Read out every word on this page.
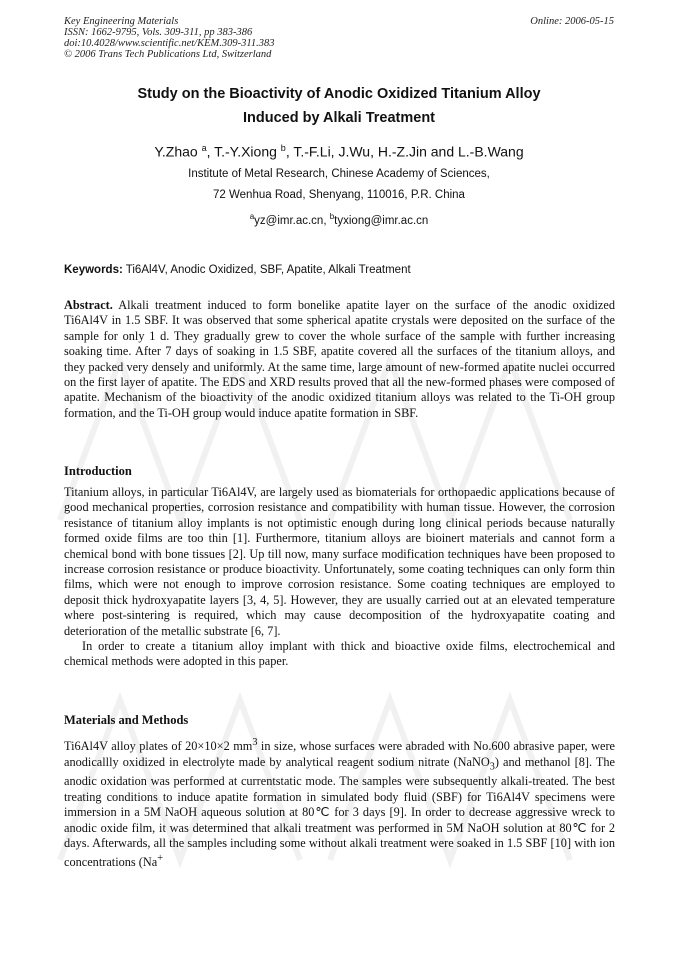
Key Engineering Materials
ISSN: 1662-9795, Vols. 309-311, pp 383-386
doi:10.4028/www.scientific.net/KEM.309-311.383
© 2006 Trans Tech Publications Ltd, Switzerland
Online: 2006-05-15
Study on the Bioactivity of Anodic Oxidized Titanium Alloy
Induced by Alkali Treatment
Y.Zhao $^a$, T.-Y.Xiong $^b$, T.-F.Li, J.Wu, H.-Z.Jin and L.-B.Wang
Institute of Metal Research, Chinese Academy of Sciences,
72 Wenhua Road, Shenyang, 110016, P.R. China
$^a$yz@imr.ac.cn, $^b$tyxiong@imr.ac.cn
Keywords: Ti6Al4V, Anodic Oxidized, SBF, Apatite, Alkali Treatment
Abstract. Alkali treatment induced to form bonelike apatite layer on the surface of the anodic oxidized Ti6Al4V in 1.5 SBF. It was observed that some spherical apatite crystals were deposited on the surface of the sample for only 1 d. They gradually grew to cover the whole surface of the sample with further increasing soaking time. After 7 days of soaking in 1.5 SBF, apatite covered all the surfaces of the titanium alloys, and they packed very densely and uniformly. At the same time, large amount of new-formed apatite nuclei occurred on the first layer of apatite. The EDS and XRD results proved that all the new-formed phases were composed of apatite. Mechanism of the bioactivity of the anodic oxidized titanium alloys was related to the Ti-OH group formation, and the Ti-OH group would induce apatite formation in SBF.
Introduction
Titanium alloys, in particular Ti6Al4V, are largely used as biomaterials for orthopaedic applications because of good mechanical properties, corrosion resistance and compatibility with human tissue. However, the corrosion resistance of titanium alloy implants is not optimistic enough during long clinical periods because naturally formed oxide films are too thin [1]. Furthermore, titanium alloys are bioinert materials and cannot form a chemical bond with bone tissues [2]. Up till now, many surface modification techniques have been proposed to increase corrosion resistance or produce bioactivity. Unfortunately, some coating techniques can only form thin films, which were not enough to improve corrosion resistance. Some coating techniques are employed to deposit thick hydroxyapatite layers [3, 4, 5]. However, they are usually carried out at an elevated temperature where post-sintering is required, which may cause decomposition of the hydroxyapatite coating and deterioration of the metallic substrate [6, 7].
In order to create a titanium alloy implant with thick and bioactive oxide films, electrochemical and chemical methods were adopted in this paper.
Materials and Methods
Ti6Al4V alloy plates of 20×10×2 $mm^3$ in size, whose surfaces were abraded with No.600 abrasive paper, were anodicallly oxidized in electrolyte made by analytical reagent sodium nitrate (NaNO$_3$) and methanol [8]. The anodic oxidation was performed at currentstatic mode. The samples were subsequently alkali-treated. The best treating conditions to induce apatite formation in simulated body fluid (SBF) for Ti6Al4V specimens were immersion in a 5M NaOH aqueous solution at 80℃ for 3 days [9]. In order to decrease aggressive wreck to anodic oxide film, it was determined that alkali treatment was performed in 5M NaOH solution at 80℃ for 2 days. Afterwards, all the samples including some without alkali treatment were soaked in 1.5 SBF [10] with ion concentrations (Na+
